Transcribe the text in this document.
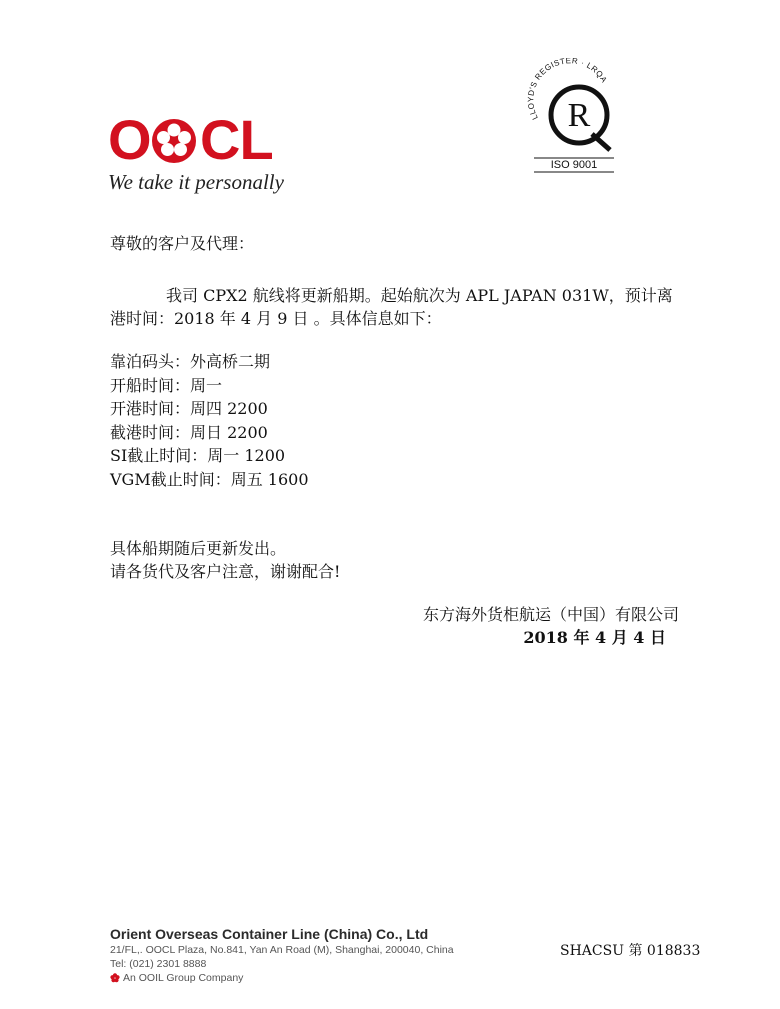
O CL
We take it personally
LLOYD'S REGISTER · LRQA
R
ISO 9001
尊敬的客户及代理：
我司 CPX2 航线将更新船期。起始航次为 APL JAPAN 031W，预计离
港时间：2018 年 4 月 9 日 。具体信息如下：
靠泊码头：外高桥二期
开船时间：周一
开港时间：周四 2200
截港时间：周日 2200
SI截止时间：周一 1200
VGM截止时间：周五 1600
具体船期随后更新发出。
请各货代及客户注意，谢谢配合!
东方海外货柜航运（中国）有限公司
2018 年 4 月 4 日
Orient Overseas Container Line (China) Co., Ltd
21/FL,. OOCL Plaza, No.841, Yan An Road (M), Shanghai, 200040, China
Tel: (021) 2301 8888
An OOIL Group Company
SHACSU 第 018833
